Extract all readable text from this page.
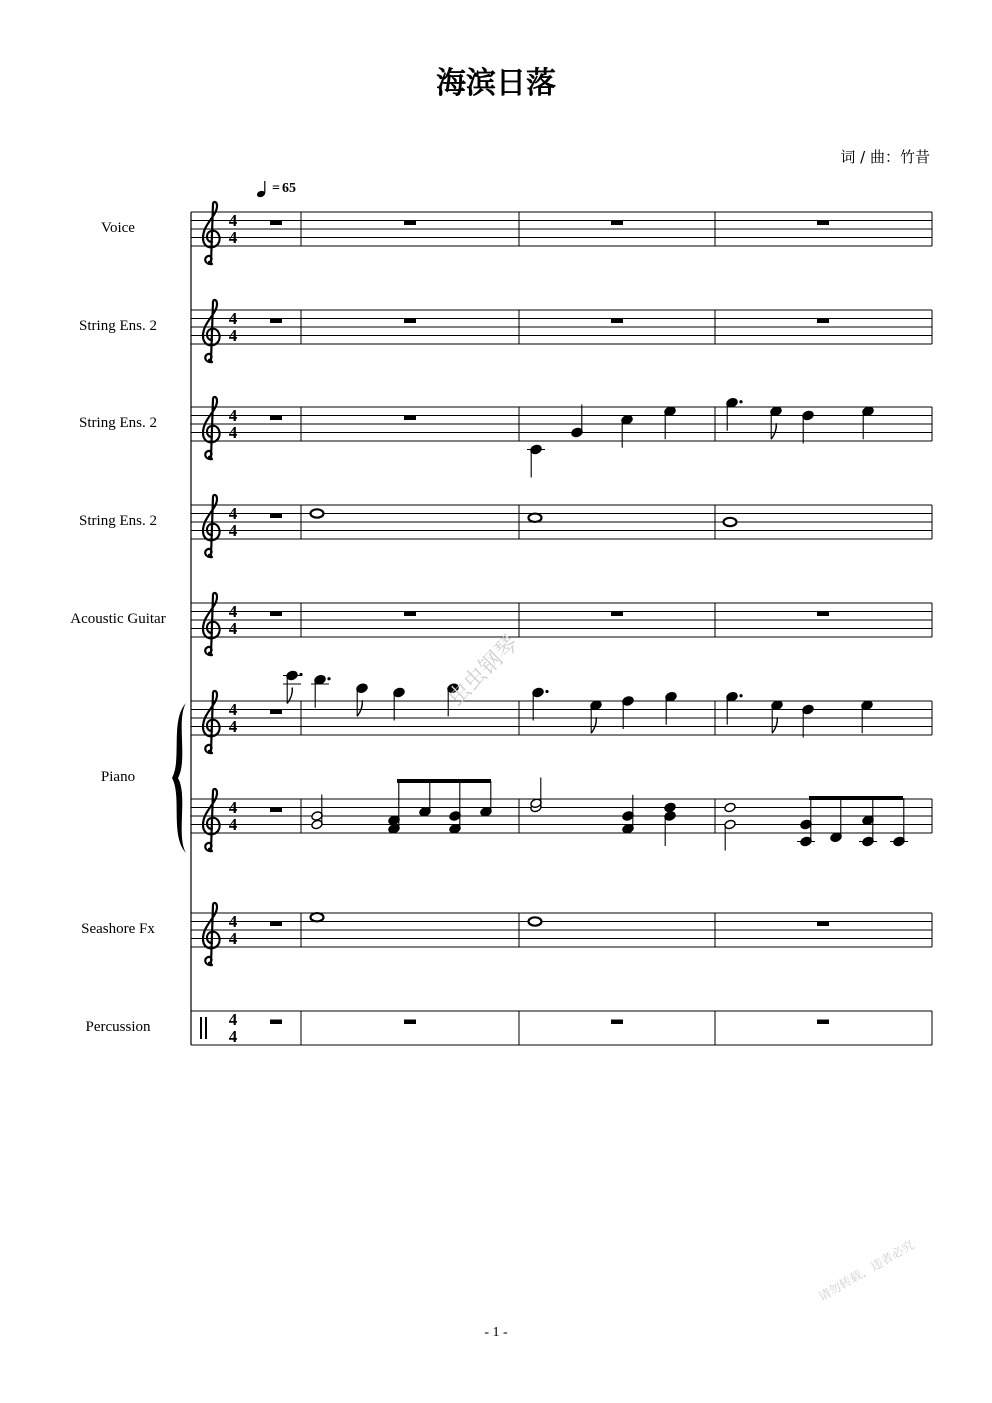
海滨日落
词 / 曲：竹昔
= 65
Voice
String Ens. 2
String Ens. 2
String Ens. 2
Acoustic Guitar
Piano
Seashore Fx
Percussion
4
4
4
4
4
4
4
4
4
4
4
4
4
4
4
4
4
4
虫虫钢琴
请勿转载，违者必究
- 1 -
